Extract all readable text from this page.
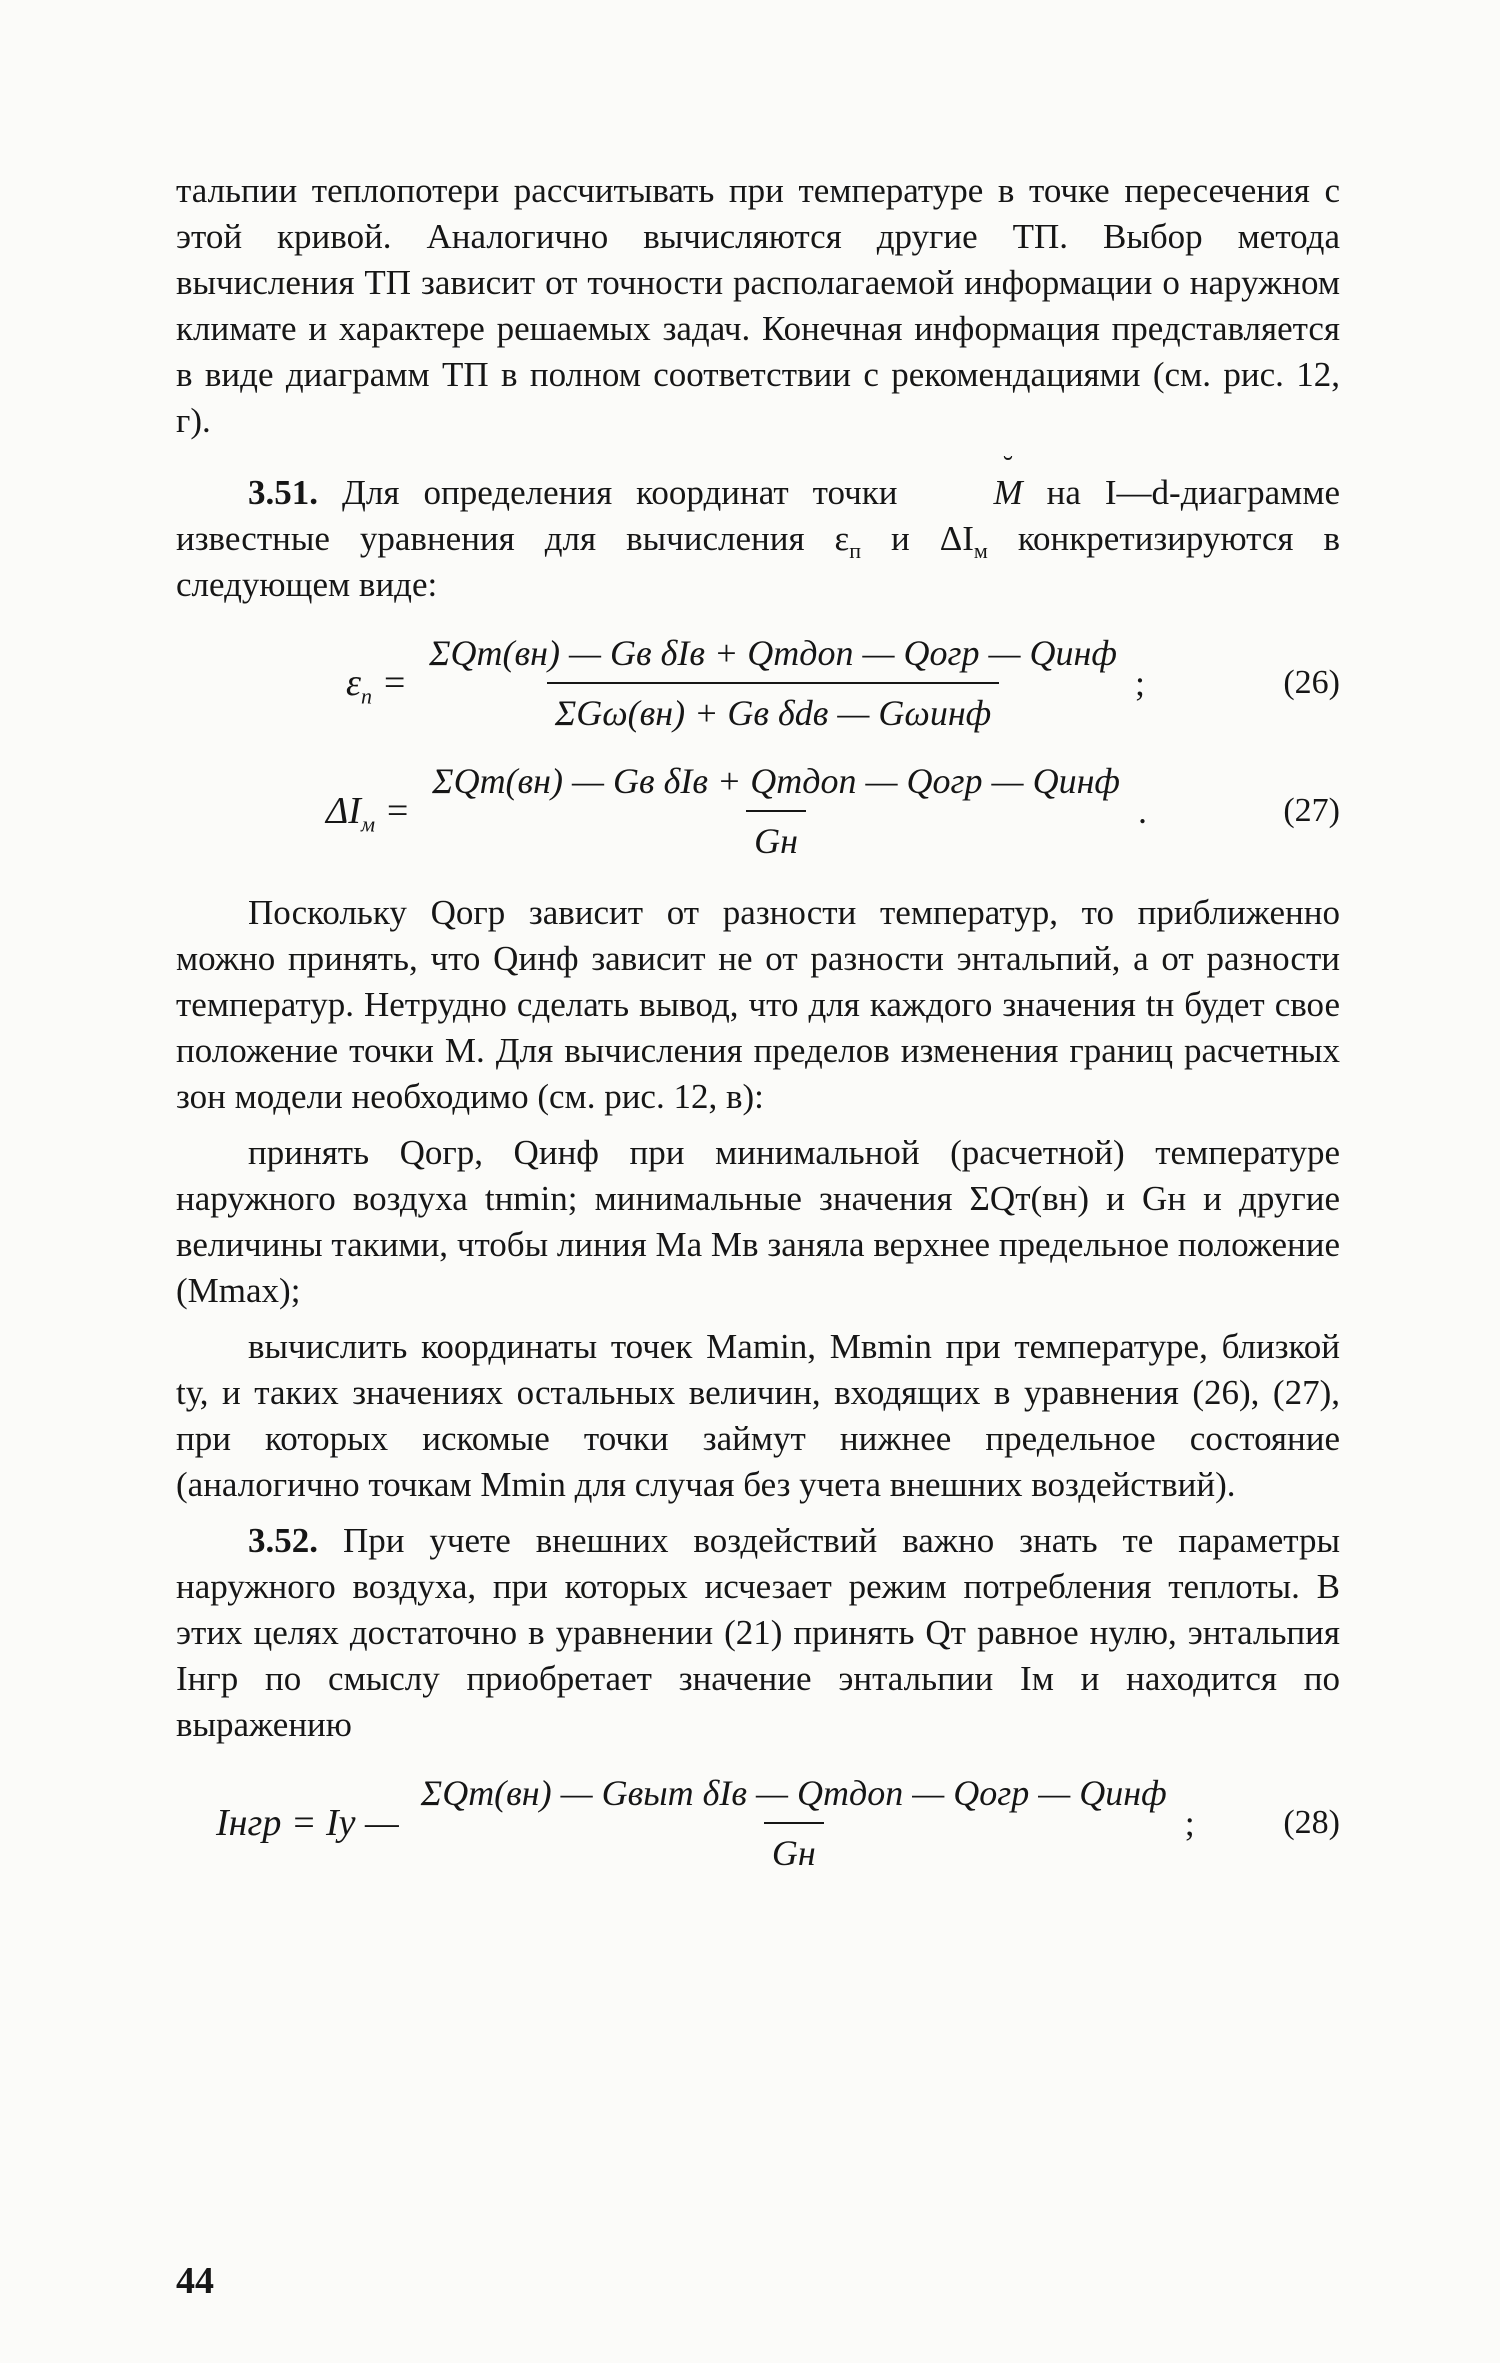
тальпии теплопотери рассчитывать при температуре в точке пересечения с этой кривой. Аналогично вычисляются другие ТП. Выбор метода вычисления ТП зависит от точности располагаемой информации о наружном климате и характере решаемых задач. Конечная информация представляется в виде диаграмм ТП в полном соответствии с рекомендациями (см. рис. 12, г).

3.51. Для определения координат точки ˘	M на I—d-диаграмме известные уравнения для вычисления $\varepsilon_п$ и $\Delta I_м$ конкретизируются в следующем виде:

$\varepsilon_п = \frac{\text{ΣQт(вн) — Gв δIв + Qтдоп — Qогр — Qинф}}{\text{ΣGω(вн) + Gв δdв — Gωинф}}$ ;	(26)
$\Delta I_м = \frac{\text{ΣQт(вн) — Gв δIв + Qтдоп — Qогр — Qинф}}{Gн}$ .	(27)

Поскольку Qогр зависит от разности температур, то приближенно можно принять, что Qинф зависит не от разности энтальпий, а от разности температур. Нетрудно сделать вывод, что для каждого значения tн будет свое положение точки M. Для вычисления пределов изменения границ расчетных зон модели необходимо (см. рис. 12, в):

принять Qогр, Qинф при минимальной (расчетной) температуре наружного воздуха tнmin; минимальные значения ΣQт(вн) и Gн и другие величины такими, чтобы линия Mа Mв заняла верхнее предельное положение (Mmax);

вычислить координаты точек Mаmin, Mвmin при температуре, близкой tу, и таких значениях остальных величин, входящих в уравнения (26), (27), при которых искомые точки займут нижнее предельное состояние (аналогично точкам Mmin для случая без учета внешних воздействий).

3.52. При учете внешних воздействий важно знать те параметры наружного воздуха, при которых исчезает режим потребления теплоты. В этих целях достаточно в уравнении (21) принять Qт равное нулю, энтальпия Iнгр по смыслу приобретает значение энтальпии Iм и находится по выражению

Iнгр = Iу — $\frac{\text{ΣQт(вн) — Gвыт δIв — Qтдоп — Qогр — Qинф}}{Gн}$ ;	(28)
44
